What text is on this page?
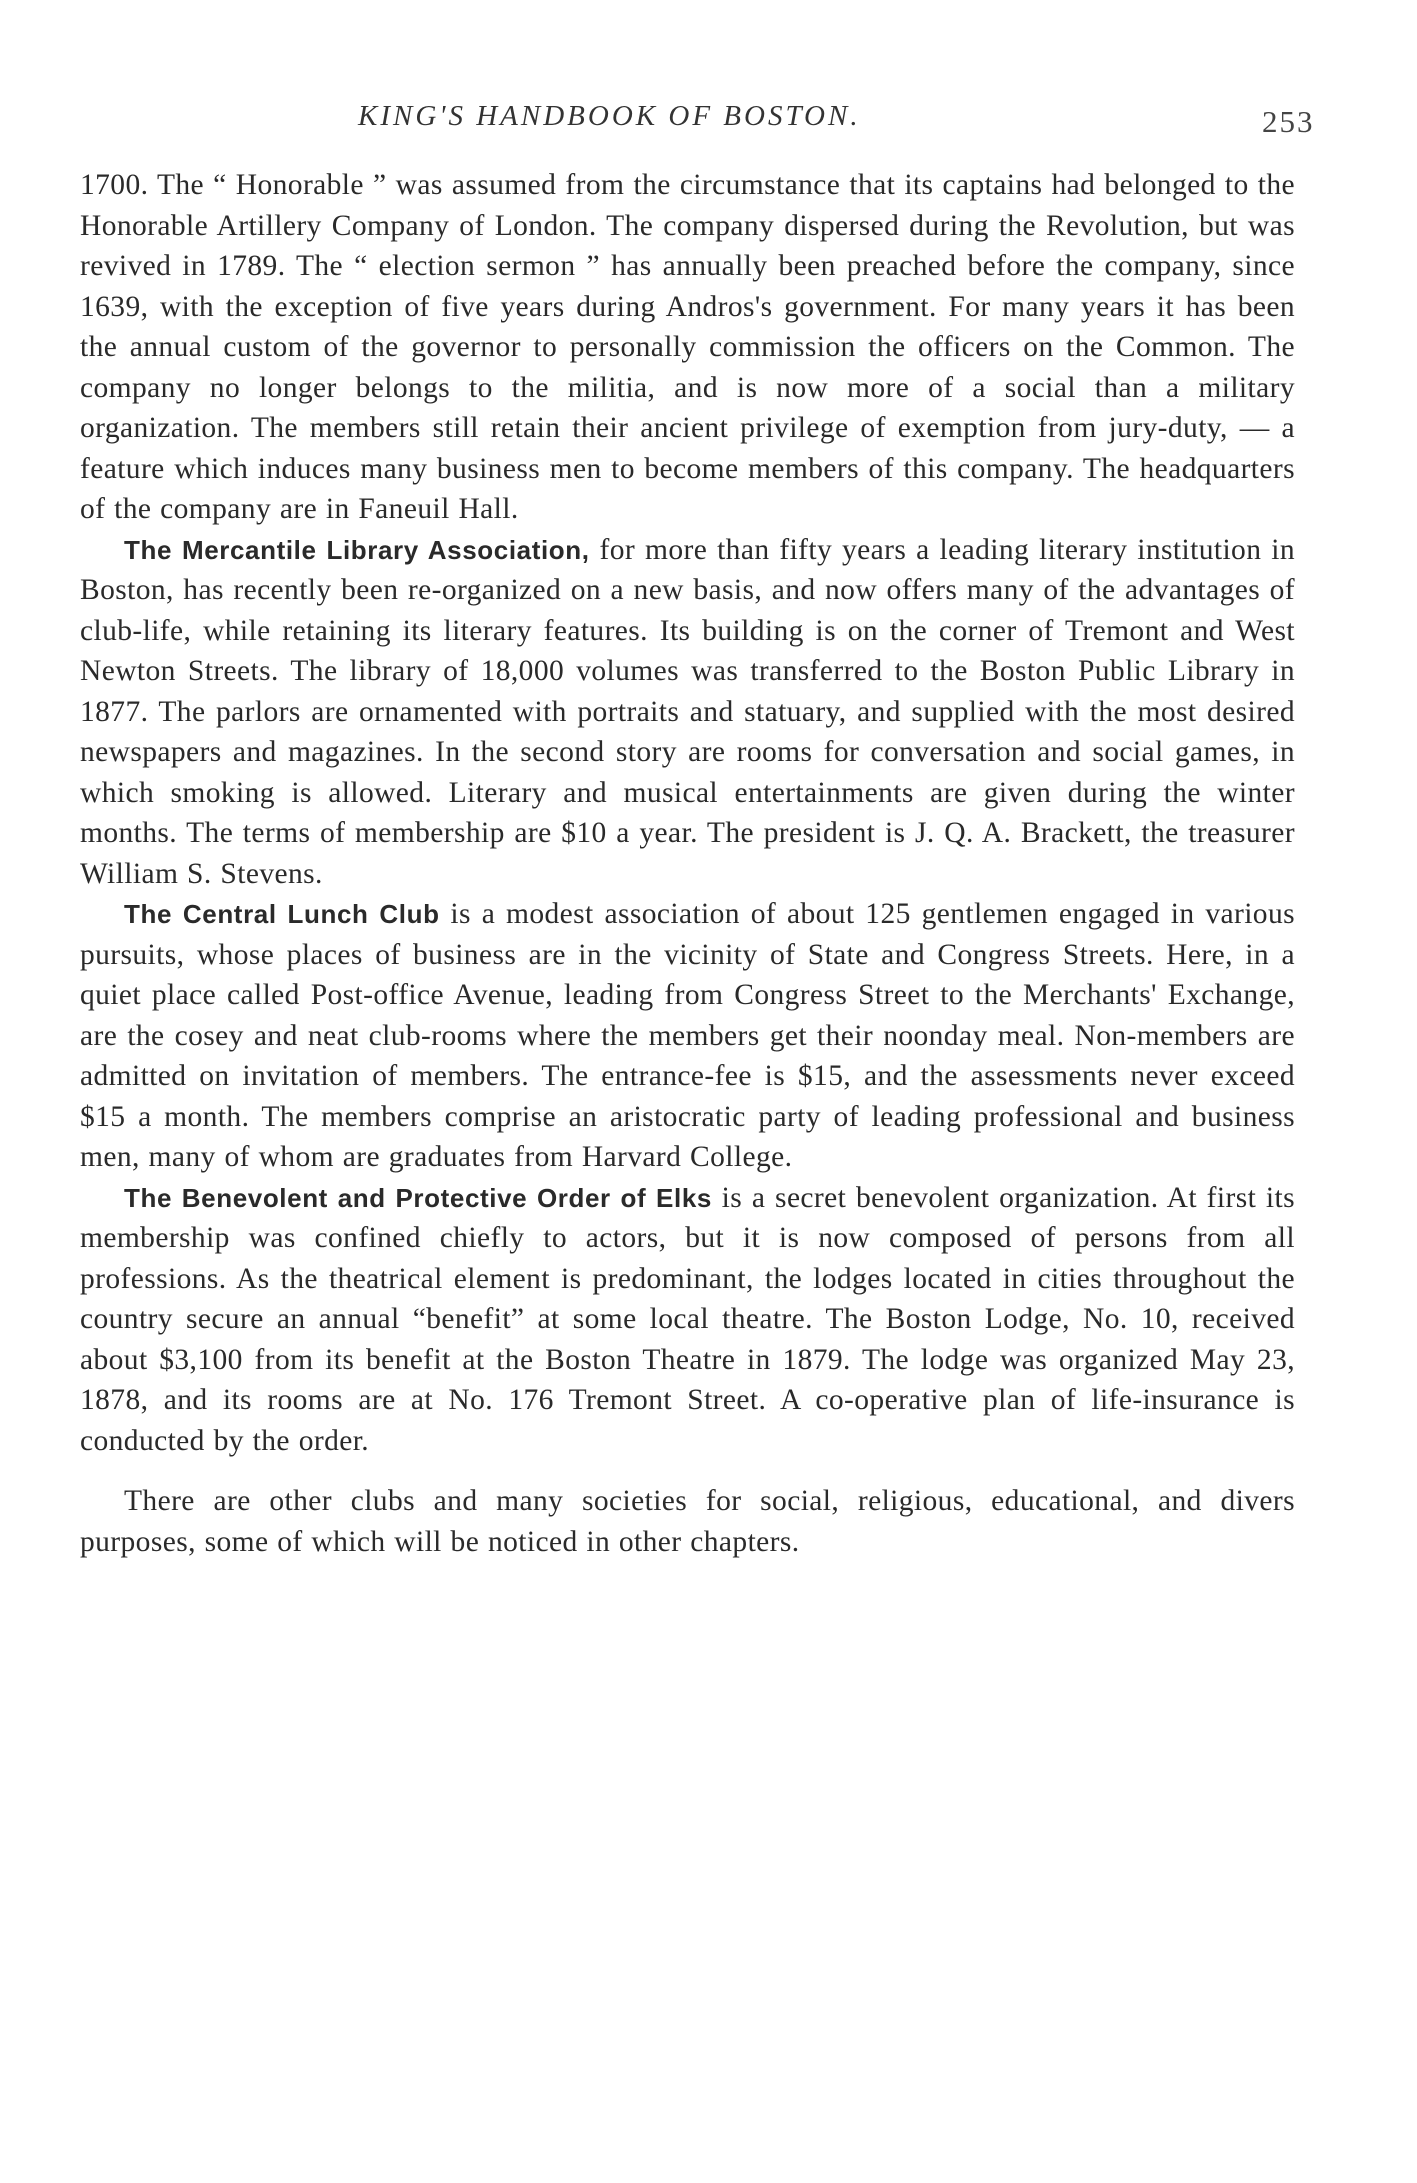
KING'S HANDBOOK OF BOSTON.	253

1700. The “ Honorable ” was assumed from the circumstance that its captains had belonged to the Honorable Artillery Company of London. The company dispersed during the Revolution, but was revived in 1789. The “ election sermon ” has annually been preached before the company, since 1639, with the exception of five years during Andros's government. For many years it has been the annual custom of the governor to personally commission the officers on the Common. The company no longer belongs to the militia, and is now more of a social than a military organization. The members still retain their ancient privilege of exemption from jury-duty, — a feature which induces many business men to become members of this company. The headquarters of the company are in Faneuil Hall.

The Mercantile Library Association, for more than fifty years a leading literary institution in Boston, has recently been re-organized on a new basis, and now offers many of the advantages of club-life, while retaining its literary features. Its building is on the corner of Tremont and West Newton Streets. The library of 18,000 volumes was transferred to the Boston Public Library in 1877. The parlors are ornamented with portraits and statuary, and supplied with the most desired newspapers and magazines. In the second story are rooms for conversation and social games, in which smoking is allowed. Literary and musical entertainments are given during the winter months. The terms of membership are $10 a year. The president is J. Q. A. Brackett, the treasurer William S. Stevens.

The Central Lunch Club is a modest association of about 125 gentlemen engaged in various pursuits, whose places of business are in the vicinity of State and Congress Streets. Here, in a quiet place called Post-office Avenue, leading from Congress Street to the Merchants' Exchange, are the cosey and neat club-rooms where the members get their noonday meal. Non-members are admitted on invitation of members. The entrance-fee is $15, and the assessments never exceed $15 a month. The members comprise an aristocratic party of leading professional and business men, many of whom are graduates from Harvard College.

The Benevolent and Protective Order of Elks is a secret benevolent organization. At first its membership was confined chiefly to actors, but it is now composed of persons from all professions. As the theatrical element is predominant, the lodges located in cities throughout the country secure an annual “benefit” at some local theatre. The Boston Lodge, No. 10, received about $3,100 from its benefit at the Boston Theatre in 1879. The lodge was organized May 23, 1878, and its rooms are at No. 176 Tremont Street. A co-operative plan of life-insurance is conducted by the order.

There are other clubs and many societies for social, religious, educational, and divers purposes, some of which will be noticed in other chapters.
